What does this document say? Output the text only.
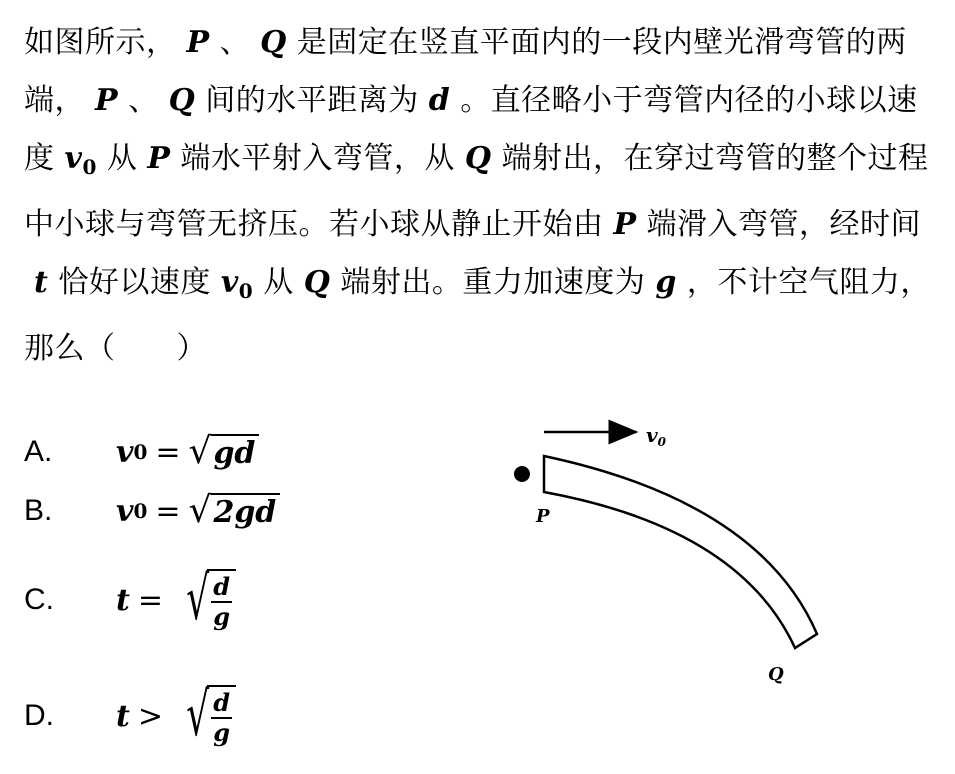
如图所示， P 、 Q 是固定在竖直平面内的一段内壁光滑弯管的两端， P 、 Q 间的水平距离为 d 。直径略小于弯管内径的小球以速度 $v_0$ 从 P 端水平射入弯管，从 Q 端射出，在穿过弯管的整个过程中小球与弯管无挤压。若小球从静止开始由 P 端滑入弯管，经时间t 恰好以速度 $v_0$ 从 Q 端射出。重力加速度为 g ，不计空气阻力，那么（　　）
A.	v 0 = √ gd
B.	v 0 = √ 2gd
C.	t = √
$\frac{d}{g}$
D.	t > √
$\frac{d}{g}$
$v_0$
P
Q
